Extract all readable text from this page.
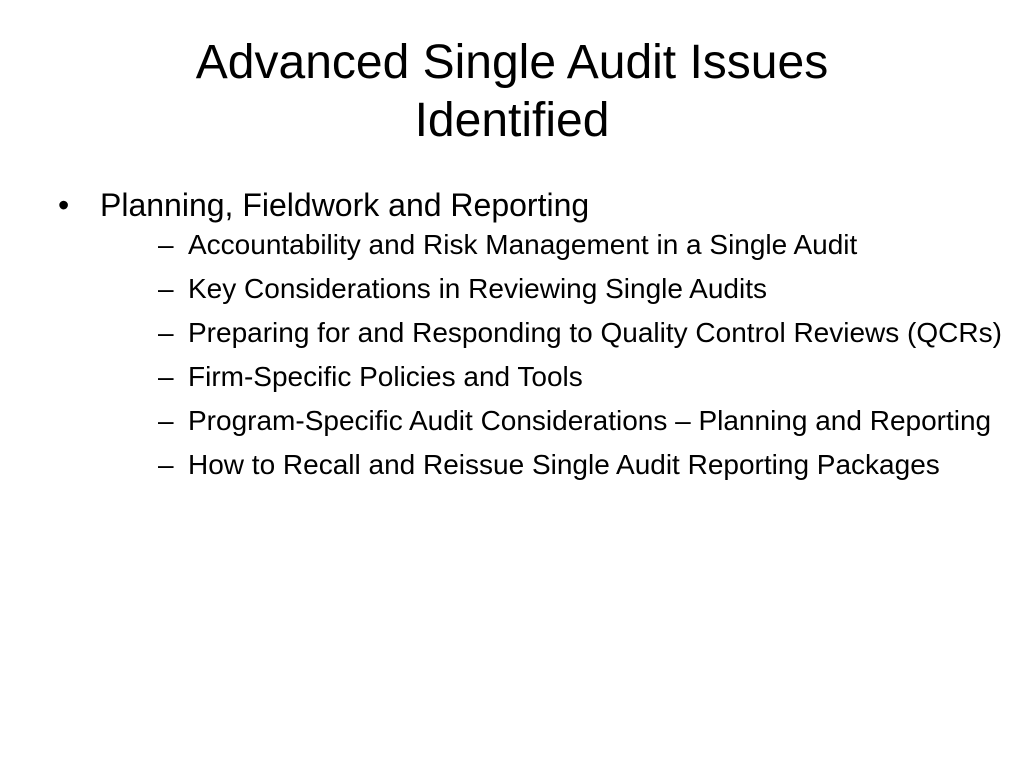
Advanced Single Audit Issues
Identified
• Planning, Fieldwork and Reporting
– Accountability and Risk Management in a Single Audit
– Key Considerations in Reviewing Single Audits
– Preparing for and Responding to Quality Control Reviews (QCRs)
– Firm-Specific Policies and Tools
– Program-Specific Audit Considerations – Planning and Reporting
– How to Recall and Reissue Single Audit Reporting Packages
